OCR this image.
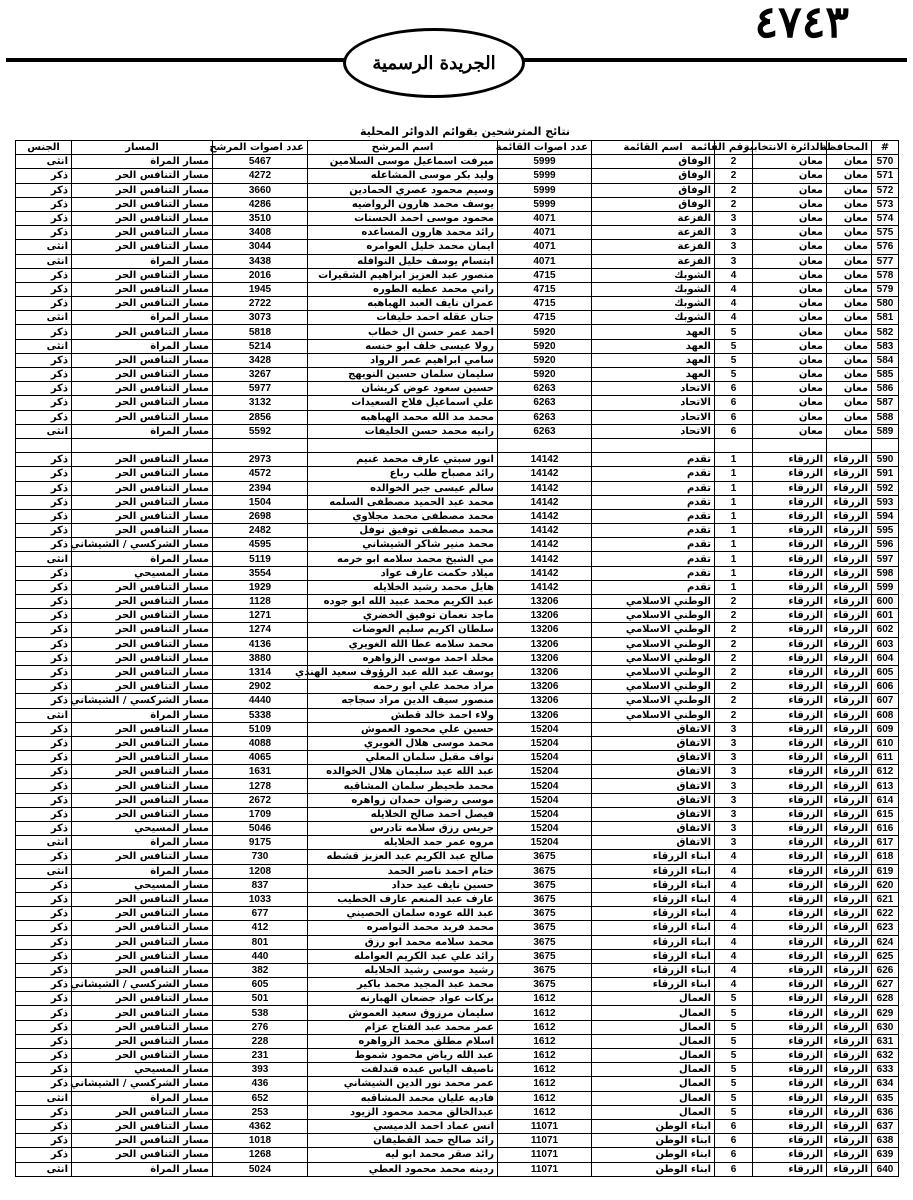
٤٧٤٣
الجريدة الرسمية
نتائج المترشحين بقوائم الدوائر المحلية
#	المحافظة	الدائرة الانتخابية	رقم القائمة	اسم القائمة	عدد اصوات القائمة	اسم المرشح	عدد اصوات المرشح	المسار	الجنس
570	معان	معان	2	الوفاق	5999	ميرفت اسماعيل موسى السلامين	5467	مسار المراة	انثى
571	معان	معان	2	الوفاق	5999	وليد بكر موسى المشاعله	4272	مسار التنافس الحر	ذكر
572	معان	معان	2	الوفاق	5999	وسيم محمود عصري الحمادين	3660	مسار التنافس الحر	ذكر
573	معان	معان	2	الوفاق	5999	يوسف محمد هارون الرواضيه	4286	مسار التنافس الحر	ذكر
574	معان	معان	3	الفزعة	4071	محمود موسى احمد الحسنات	3510	مسار التنافس الحر	ذكر
575	معان	معان	3	الفزعة	4071	رائد محمد هارون المساعده	3408	مسار التنافس الحر	ذكر
576	معان	معان	3	الفزعة	4071	ايمان محمد خليل العوامره	3044	مسار التنافس الحر	انثى
577	معان	معان	3	الفزعة	4071	ابتسام يوسف خليل النوافله	3438	مسار المراة	انثى
578	معان	معان	4	الشوبك	4715	منصور عبد العزيز ابراهيم الشقيرات	2016	مسار التنافس الحر	ذكر
579	معان	معان	4	الشوبك	4715	راني محمد عطيه الطوره	1945	مسار التنافس الحر	ذكر
580	معان	معان	4	الشوبك	4715	عمران نايف العبد الهباهبه	2722	مسار التنافس الحر	ذكر
581	معان	معان	4	الشوبك	4715	جنان عقله احمد خليفات	3073	مسار المراة	انثى
582	معان	معان	5	العهد	5920	احمد عمر حسن ال خطاب	5818	مسار التنافس الحر	ذكر
583	معان	معان	5	العهد	5920	رولا عيسى خلف ابو خنسه	5214	مسار المراة	انثى
584	معان	معان	5	العهد	5920	سامي ابراهيم عمر الرواد	3428	مسار التنافس الحر	ذكر
585	معان	معان	5	العهد	5920	سليمان سلمان حسين النويهج	3267	مسار التنافس الحر	ذكر
586	معان	معان	6	الاتحاد	6263	حسين سعود عوض كريشان	5977	مسار التنافس الحر	ذكر
587	معان	معان	6	الاتحاد	6263	علي اسماعيل فلاح السعيدات	3132	مسار التنافس الحر	ذكر
588	معان	معان	6	الاتحاد	6263	محمد مد الله محمد الهباهبه	2856	مسار التنافس الحر	ذكر
589	معان	معان	6	الاتحاد	6263	رانيه محمد حسن الخليفات	5592	مسار المراة	انثى

590	الزرقاء	الزرقاء	1	تقدم	14142	انور سبتي عارف محمد غنيم	2973	مسار التنافس الحر	ذكر
591	الزرقاء	الزرقاء	1	تقدم	14142	رائد مصباح طلب رباع	4572	مسار التنافس الحر	ذكر
592	الزرقاء	الزرقاء	1	تقدم	14142	سالم عيسى جبر الخوالده	2394	مسار التنافس الحر	ذكر
593	الزرقاء	الزرقاء	1	تقدم	14142	محمد عبد الحميد مصطفى السلمه	1504	مسار التنافس الحر	ذكر
594	الزرقاء	الزرقاء	1	تقدم	14142	محمد مصطفى محمد مجلاوي	2698	مسار التنافس الحر	ذكر
595	الزرقاء	الزرقاء	1	تقدم	14142	محمد مصطفى توفيق نوفل	2482	مسار التنافس الحر	ذكر
596	الزرقاء	الزرقاء	1	تقدم	14142	محمد منير شاكر الشيشاني	4595	مسار الشركسي / الشيشاني	ذكر
597	الزرقاء	الزرقاء	1	تقدم	14142	مي الشيخ محمد سلامه ابو خرمه	5119	مسار المراة	انثى
598	الزرقاء	الزرقاء	1	تقدم	14142	ميلاد حكمت عارف عواد	3554	مسار المسيحي	ذكر
599	الزرقاء	الزرقاء	1	تقدم	14142	هايل محمد رشيد الخلايله	1929	مسار التنافس الحر	ذكر
600	الزرقاء	الزرقاء	2	الوطني الاسلامي	13206	عبد الكريم محمد عبيد الله ابو جوده	1128	مسار التنافس الحر	ذكر
601	الزرقاء	الزرقاء	2	الوطني الاسلامي	13206	ماجد نعمان توفيق الخضري	1271	مسار التنافس الحر	ذكر
602	الزرقاء	الزرقاء	2	الوطني الاسلامي	13206	سلطان اكريم سليم العوضات	1274	مسار التنافس الحر	ذكر
603	الزرقاء	الزرقاء	2	الوطني الاسلامي	13206	محمد سلامه عطا الله الغويري	4136	مسار التنافس الحر	ذكر
604	الزرقاء	الزرقاء	2	الوطني الاسلامي	13206	مخلد احمد موسى الزواهره	3880	مسار التنافس الحر	ذكر
605	الزرقاء	الزرقاء	2	الوطني الاسلامي	13206	يوسف عبد الله عبد الرؤوف سعيد الهندي	1314	مسار التنافس الحر	ذكر
606	الزرقاء	الزرقاء	2	الوطني الاسلامي	13206	مراد محمد علي ابو رحمه	2902	مسار التنافس الحر	ذكر
607	الزرقاء	الزرقاء	2	الوطني الاسلامي	13206	منصور سيف الدين مراد سجاجه	4440	مسار الشركسي / الشيشاني	ذكر
608	الزرقاء	الزرقاء	2	الوطني الاسلامي	13206	ولاء احمد خالد قطش	5338	مسار المراة	انثى
609	الزرقاء	الزرقاء	3	الاتفاق	15204	حسين علي محمود العموش	5109	مسار التنافس الحر	ذكر
610	الزرقاء	الزرقاء	3	الاتفاق	15204	محمد موسى هلال الغويري	4088	مسار التنافس الحر	ذكر
611	الزرقاء	الزرقاء	3	الاتفاق	15204	نواف مقبل سلمان المعلي	4065	مسار التنافس الحر	ذكر
612	الزرقاء	الزرقاء	3	الاتفاق	15204	عبد الله عيد سليمان هلال الخوالده	1631	مسار التنافس الحر	ذكر
613	الزرقاء	الزرقاء	3	الاتفاق	15204	محمد طحيطر سلمان المشاقبه	1278	مسار التنافس الحر	ذكر
614	الزرقاء	الزرقاء	3	الاتفاق	15204	موسى رضوان حمدان زواهره	2672	مسار التنافس الحر	ذكر
615	الزرقاء	الزرقاء	3	الاتفاق	15204	فيصل احمد صالح الخلايله	1709	مسار التنافس الحر	ذكر
616	الزرقاء	الزرقاء	3	الاتفاق	15204	جريس رزق سلامه تادرس	5046	مسار المسيحي	ذكر
617	الزرقاء	الزرقاء	3	الاتفاق	15204	مروه عمر حمد الخلايله	9175	مسار المراة	انثى
618	الزرقاء	الزرقاء	4	ابناء الزرقاء	3675	صالح عبد الكريم عبد العزيز قشطه	730	مسار التنافس الحر	ذكر
619	الزرقاء	الزرقاء	4	ابناء الزرقاء	3675	ختام احمد ناصر الحمد	1208	مسار المراة	انثى
620	الزرقاء	الزرقاء	4	ابناء الزرقاء	3675	حسين نايف عيد حداد	837	مسار المسيحي	ذكر
621	الزرقاء	الزرقاء	4	ابناء الزرقاء	3675	عارف عبد المنعم عارف الخطيب	1033	مسار التنافس الحر	ذكر
622	الزرقاء	الزرقاء	4	ابناء الزرقاء	3675	عبد الله عوده سلمان الحصيني	677	مسار التنافس الحر	ذكر
623	الزرقاء	الزرقاء	4	ابناء الزرقاء	3675	محمد فريد محمد النواصره	412	مسار التنافس الحر	ذكر
624	الزرقاء	الزرقاء	4	ابناء الزرقاء	3675	محمد سلامه محمد ابو رزق	801	مسار التنافس الحر	ذكر
625	الزرقاء	الزرقاء	4	ابناء الزرقاء	3675	رائد علي عبد الكريم العوامله	440	مسار التنافس الحر	ذكر
626	الزرقاء	الزرقاء	4	ابناء الزرقاء	3675	رشيد موسى رشيد الخلايله	382	مسار التنافس الحر	ذكر
627	الزرقاء	الزرقاء	4	ابناء الزرقاء	3675	محمد عبد المجيد محمد باكير	605	مسار الشركسي / الشيشاني	ذكر
628	الزرقاء	الزرقاء	5	العمال	1612	بركات عواد جضعان الهبارنه	501	مسار التنافس الحر	ذكر
629	الزرقاء	الزرقاء	5	العمال	1612	سليمان مرزوق سعيد العموش	538	مسار التنافس الحر	ذكر
630	الزرقاء	الزرقاء	5	العمال	1612	عمر محمد عبد الفتاح عزام	276	مسار التنافس الحر	ذكر
631	الزرقاء	الزرقاء	5	العمال	1612	اسلام مطلق محمد الزواهره	228	مسار التنافس الحر	ذكر
632	الزرقاء	الزرقاء	5	العمال	1612	عبد الله رياض محمود شموط	231	مسار التنافس الحر	ذكر
633	الزرقاء	الزرقاء	5	العمال	1612	ناصيف الياس عبده قندلفت	393	مسار المسيحي	ذكر
634	الزرقاء	الزرقاء	5	العمال	1612	عمر محمد نور الدين الشيشاني	436	مسار الشركسي / الشيشاني	ذكر
635	الزرقاء	الزرقاء	5	العمال	1612	فاديه عليان محمد المشاقبه	652	مسار المراة	انثى
636	الزرقاء	الزرقاء	5	العمال	1612	عبدالخالق محمد محمود الزيود	253	مسار التنافس الحر	ذكر
637	الزرقاء	الزرقاء	6	ابناء الوطن	11071	انس عماد احمد الدميسي	4362	مسار التنافس الحر	ذكر
638	الزرقاء	الزرقاء	6	ابناء الوطن	11071	رائد صالح حمد القطيفان	1018	مسار التنافس الحر	ذكر
639	الزرقاء	الزرقاء	6	ابناء الوطن	11071	رائد صقر محمد ابو ليه	1268	مسار التنافس الحر	ذكر
640	الزرقاء	الزرقاء	6	ابناء الوطن	11071	ردينه محمد محمود العطي	5024	مسار المراة	انثى
